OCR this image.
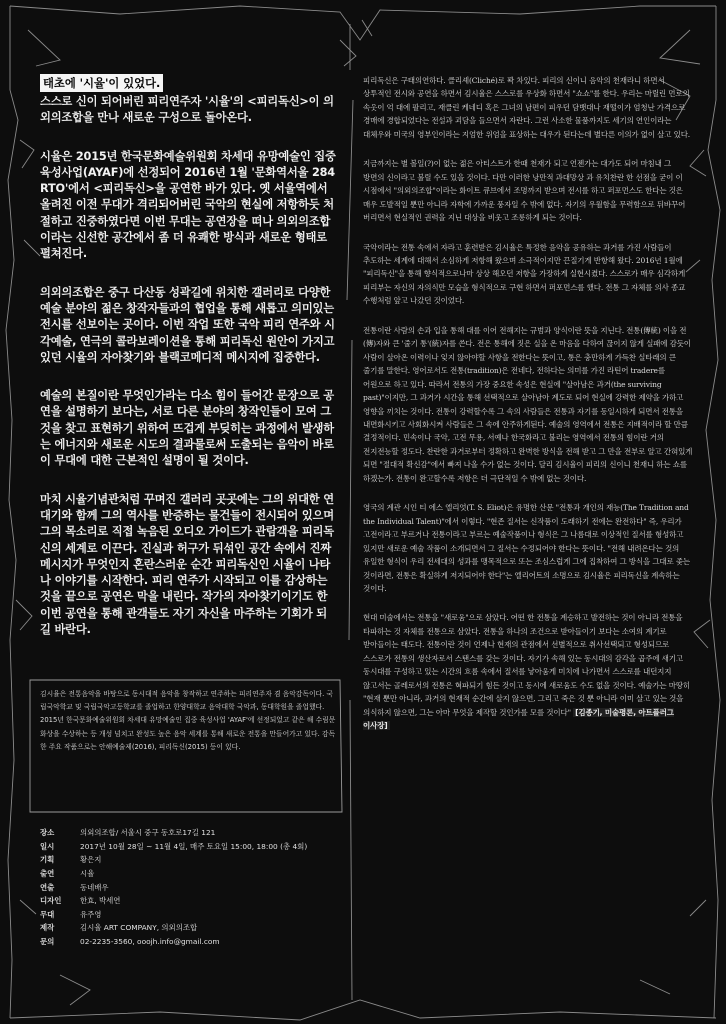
태초에 '시율'이 있었다.

스스로 신이 되어버린 피리연주자 '시율'의 <피리독신>이 의외의조합을 만나 새로운 구성으로 돌아온다.

시율은 2015년 한국문화예술위원회 차세대 유망예술인 집중육성사업(AYAF)에 선정되어 2016년 1월 '문화역서울 284 RTO'에서 <피리독신>을 공연한 바가 있다. 옛 서울역에서 올려진 이전 무대가 격리되어버린 국악의 현실에 저항하듯 처절하고 진중하였다면 이번 무대는 공연장을 떠나 의외의조합이라는 신선한 공간에서 좀 더 유쾌한 방식과 새로운 형태로 펼쳐진다.

의외의조합은 중구 다산동 성곽길에 위치한 갤러리로 다양한 예술 분야의 젊은 창작자들과의 협업을 통해 새롭고 의미있는 전시를 선보이는 곳이다. 이번 작업 또한 국악 피리 연주와 시각예술, 연극의 콜라보레이션을 통해 피리독신 원안이 가지고 있던 시율의 자아찾기와 블랙코메디적 메시지에 집중한다.

예술의 본질이란 무엇인가라는 다소 힘이 들어간 문장으로 공연을 설명하기 보다는, 서로 다른 분야의 창작인들이 모여 그것을 찾고 표현하기 위하여 뜨겁게 부딪히는 과정에서 발생하는 에너지와 새로운 시도의 결과물로써 도출되는 음악이 바로 이 무대에 대한 근본적인 설명이 될 것이다.

마치 시율기념관처럼 꾸며진 갤러리 곳곳에는 그의 위대한 연대기와 함께 그의 역사를 반증하는 물건들이 전시되어 있으며 그의 목소리로 직접 녹음된 오디오 가이드가 관람객을 피리독신의 세계로 이끈다. 진실과 허구가 뒤섞인 공간 속에서 진짜 메시지가 무엇인지 혼란스러운 순간 피리독신인 시율이 나타나 이야기를 시작한다. 피리 연주가 시작되고 이를 감상하는 것을 끝으로 공연은 막을 내린다. 작가의 자아찾기이기도 한 이번 공연을 통해 관객들도 자기 자신을 마주하는 기회가 되길 바란다.

김시율은 전통음악을 바탕으로 동시대적 음악을 창작하고 연주하는 피리연주자 겸 음악감독이다. 국립국악학교 및 국립국악고등학교를 졸업하고 한양대학교 음악대학 국악과, 동대학원을 졸업했다. 2015년 한국문화예술위원회 차세대 유망예술인 집중 육성사업 'AYAF'에 선정되었고 같은 해 수림문화상을 수상하는 등 개성 넘치고 완성도 높은 음악 세계를 통해 새로운 전통을 만들어가고 있다. 감독한 주요 작품으로는 안해예술제(2016), 피리독신(2015) 등이 있다.
장소	의외의조합/ 서울시 중구 동호로17길 121
일시	2017년 10월 28일 ~ 11월 4일, 매주 토요일 15:00, 18:00 (총 4회)
기획	황은지
출연	시율
연출	동네배우
디자인	한효, 박세연
무대	유주영
제작	김시율 ART COMPANY, 의외의조합
문의	02-2235-3560, ooojh.info@gmail.com

피리독신은 구태의연하다. 클리셰(Cliché)로 꽉 차있다. 피리의 신이니 음악의 천재라니 하면서 상투적인 전시와 공연을 하면서 김시율은 스스로를 우상화 하면서 "쇼쇼"를 한다. 우리는 마릴린 먼로의 속옷이 억 대에 팔리고, 재클린 케네디 혹은 그녀의 남편이 피우던 담뱃대나 재떨이가 엄청난 가격으로 경매에 경합되었다는 전설과 괴담을 들으면서 자란다. 그런 사소한 물품까지도 세기의 연인이라는 대체우와 미국의 영부인이라는 지엄한 위엄을 표상하는 대우가 된다는데 별다른 이의가 없이 살고 있다.

지금까지는 별 볼일(?)이 없는 젊은 아티스트가 한때 천재가 되고 언젠가는 대가도 되어 마침내 그 방면의 신이라고 불릴 수도 있을 것이다. 다만 이러한 낭만적 과대망상 과 유치찬란 한 선점을 굳이 이 시점에서 "의외의조합"이라는 화이트 큐브에서 조명까지 받으며 전시를 하고 퍼포먼스도 한다는 것은 매우 도발적일 뿐만 아니라 자학에 가까운 풍자일 수 밖에 없다. 자기의 우월함을 무력함으로 뒤바꾸어 버리면서 현실적인 권력을 지닌 대상을 비웃고 조롱하게 되는 것이다.

국악이라는 전통 속에서 자라고 훈련받은 김시율은 특정한 음악을 공유하는 과거를 가진 사람들이 추도하는 세계에 대해서 소심하게 저항해 왔으며 소극적이지만 끈질기게 반항해 왔다. 2016년 1월에 "피리독신"을 통해 향식적으로나마 상상 해오던 저항을 가장하게 실현시켰다. 스스로가 매우 심각하게 피리부는 자신의 자의식만 모습을 형식적으로 구현 하면서 퍼포먼스를 했다. 전통 그 자체를 의사 종교 수행처럼 앞고 나갔던 것이었다.

전통이란 사람의 손과 입을 통해 대를 이어 전해지는 규범과 양식이란 뜻을 지닌다. 전통(傳統) 이을 전(傳)자와 큰 '줄기 통'(統)자를 쓴다. 전은 통해에 짓은 실을 온 마음을 다하여 끊이지 않게 실패에 감듯이 사람이 살아온 이력이나 잊지 않아야할 사항을 전한다는 뜻이고, 통은 충만하게 가득찬 실타래의 큰 줄기를 말한다. 영어로서도 전통(tradition)은 전네다, 전하다는 의미를 가진 라틴어 tradere를 어원으로 하고 있다. 따라서 전통의 가장 중요한 속성은 현실에 "살아남은 과거(the surviving past)"이지만, 그 과거가 시간을 통해 선택적으로 살아남아 계도로 되어 현실에 강력한 제약을 가하고 영향을 끼치는 것이다. 전통이 강력할수록 그 속의 사람들은 전통과 자기를 동일시하게 되면서 전통을 내면화시키고 사회화시켜 사람들은 그 속에 안주하게된다. 예술의 영역에서 전통은 지배적이라 할 만큼 결정적이다. 민속이나 국악, 고전 무용, 서예나 한국화라고 불리는 영역에서 전통의 힘이란 거의 전지전능할 정도다. 찬란한 과거로부터 정확하고 완벽한 방식을 전해 받고 그 만을 전부로 알고 간혀있게 되면 "절대적 확신감"에서 빠져 나올 수가 없는 것이다. 달리 김시율이 피리의 신이니 천재니 하는 쇼를 하겠는가. 전통이 완고할수록 저항은 더 극단적일 수 밖에 없는 것이다.

영국의 계관 시인 티 에스 엘리엇(T. S. Eliot)은 유명한 산문 "전통과 개인의 재능(The Tradition and the Individual Talent)"에서 이렇다. "현존 질서는 신작품이 도래하기 전에는 완전하다" 즉, 우리가 고전이라고 부르거나 전통이라고 부르는 예술작품이나 형식은 그 나름대로 이상적인 질서를 형성하고 있지만 새로운 예술 작품이 소개되면서 그 질서는 수정되어야 한다는 뜻이다. "전해 내려온다는 것의 유일한 형식이 우리 전세대의 성과를 맹목적으로 또는 조심스럽게 그에 집착하여 그 방식을 그대로 좇는 것이라면, 전통은 확실하게 저지되어야 한다"는 엘리어트의 소명으로 김시율은 피리독신을 계속하는 것이다.

현대 미술에서는 전통을 "새로움"으로 삼았다. 어떤 한 전통을 계승하고 발전하는 것이 아니라 전통을 타파하는 것 자체를 전통으로 삼았다. 전통을 하나의 조건으로 받아들이기 보다는 소여의 계기로 받아들이는 태도다. 전통이란 것이 언제나 현재의 관점에서 선별적으로 취사선택되고 형성되므로 스스로가 전통의 생산자로서 스탠스를 갖는 것이다. 자기가 속해 있는 동시대의 감각을 곱주에 새기고 동시대를 구성하고 있는 시간의 흐름 속에서 질서를 낳아움게 미치에 나가면서 스스로를 내던지지 않고서는 골레로서의 전통은 혁파되기 힘든 것이고 동시에 새로움도 수도 없을 것이다. 예술가는 마땅히 "현재 뿐만 아니라, 과거의 현재적 순간에 살지 않으면, 그리고 죽은 것 뿐 아니라 이미 살고 있는 것을 의식하지 않으면, 그는 아마 무엇을 제작할 것인가를 모를 것이다" [김종기, 미술평론, 아트플러그 이사장]
